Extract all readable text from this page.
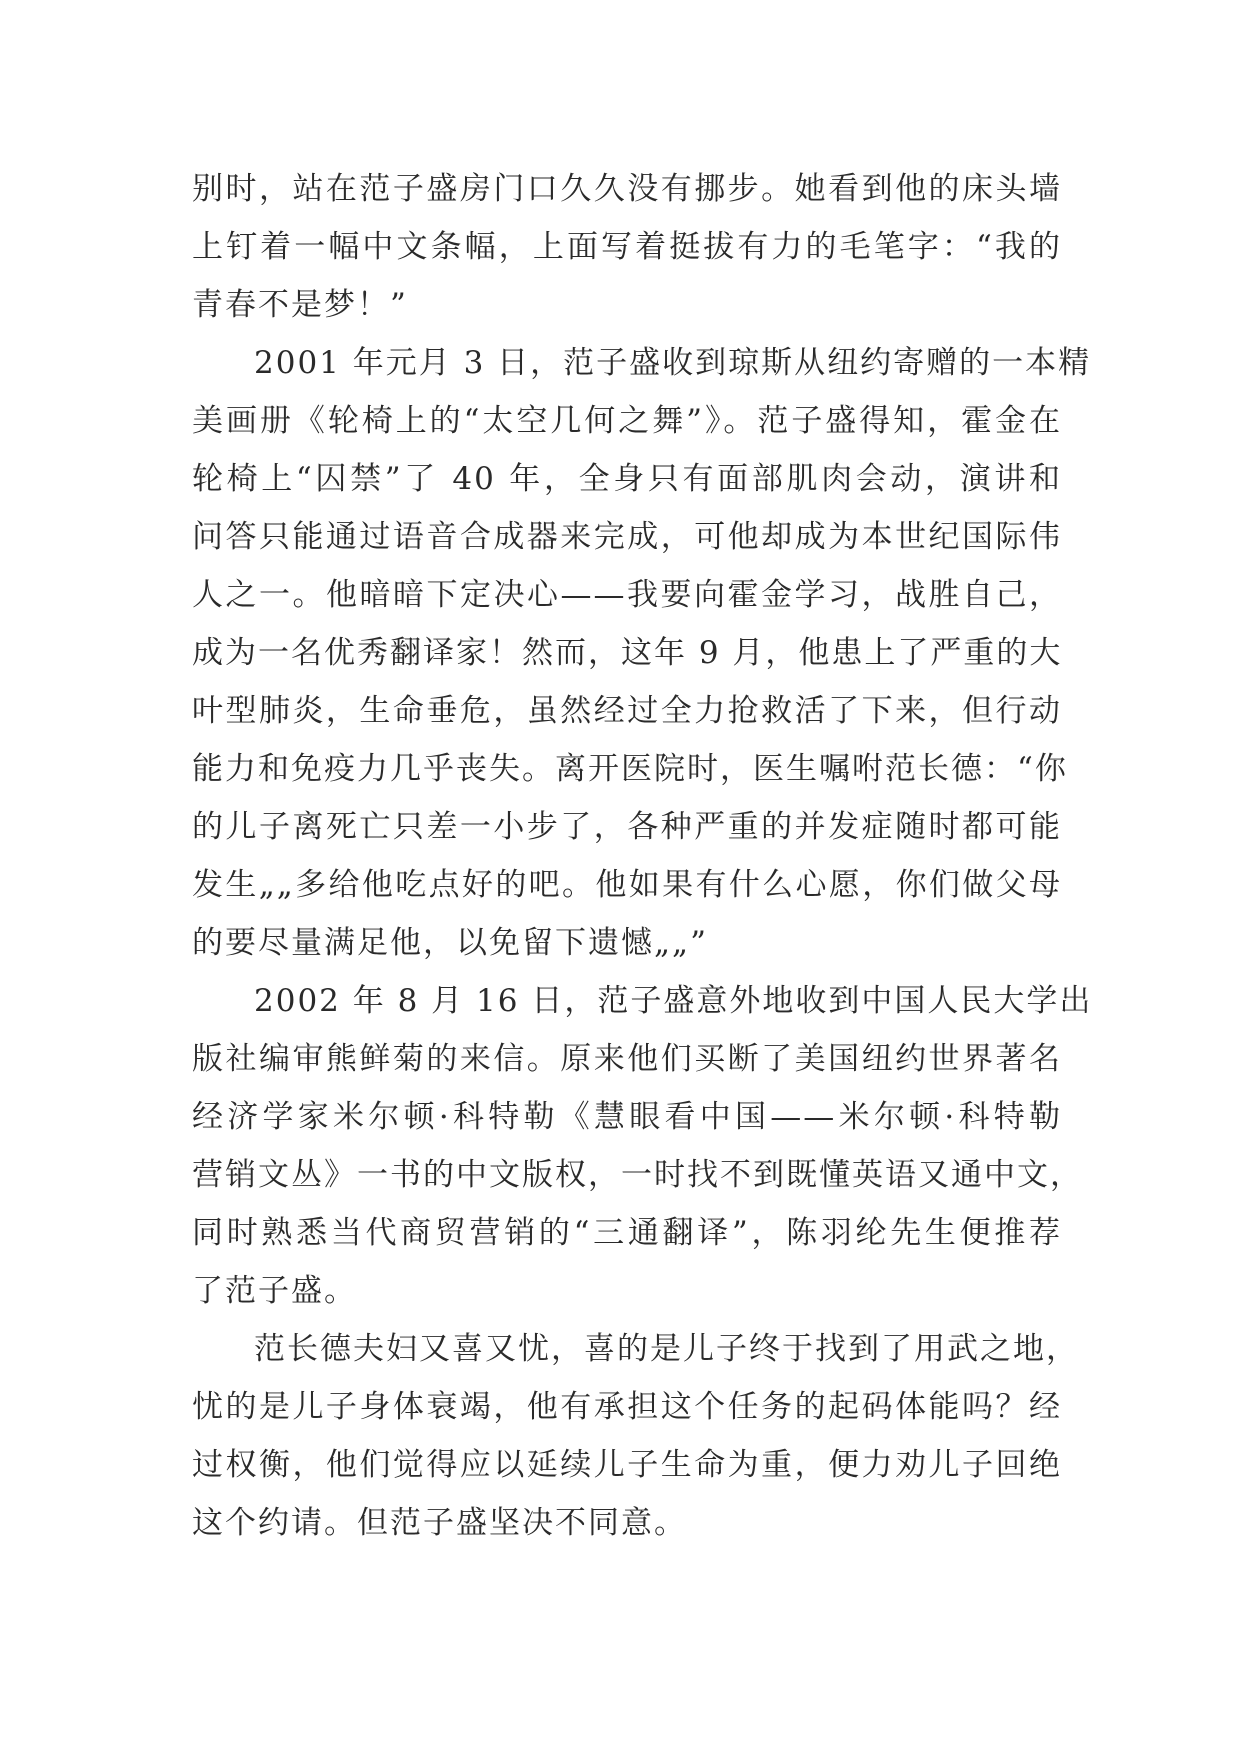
别时，站在范子盛房门口久久没有挪步。她看到他的床头墙
上钉着一幅中文条幅，上面写着挺拔有力的毛笔字：“我的
青春不是梦！”
2001 年元月 3 日，范子盛收到琼斯从纽约寄赠的一本精
美画册《轮椅上的“太空几何之舞”》。范子盛得知，霍金在
轮椅上“囚禁”了 40 年，全身只有面部肌肉会动，演讲和
问答只能通过语音合成器来完成，可他却成为本世纪国际伟
人之一。他暗暗下定决心——我要向霍金学习，战胜自己，
成为一名优秀翻译家！然而，这年 9 月，他患上了严重的大
叶型肺炎，生命垂危，虽然经过全力抢救活了下来，但行动
能力和免疫力几乎丧失。离开医院时，医生嘱咐范长德：“你
的儿子离死亡只差一小步了，各种严重的并发症随时都可能
发生„„多给他吃点好的吧。他如果有什么心愿，你们做父母
的要尽量满足他，以免留下遗憾„„”
2002 年 8 月 16 日，范子盛意外地收到中国人民大学出
版社编审熊鲜菊的来信。原来他们买断了美国纽约世界著名
经济学家米尔顿·科特勒《慧眼看中国——米尔顿·科特勒
营销文丛》一书的中文版权，一时找不到既懂英语又通中文，
同时熟悉当代商贸营销的“三通翻译”，陈羽纶先生便推荐
了范子盛。
范长德夫妇又喜又忧，喜的是儿子终于找到了用武之地，
忧的是儿子身体衰竭，他有承担这个任务的起码体能吗？经
过权衡，他们觉得应以延续儿子生命为重，便力劝儿子回绝
这个约请。但范子盛坚决不同意。
